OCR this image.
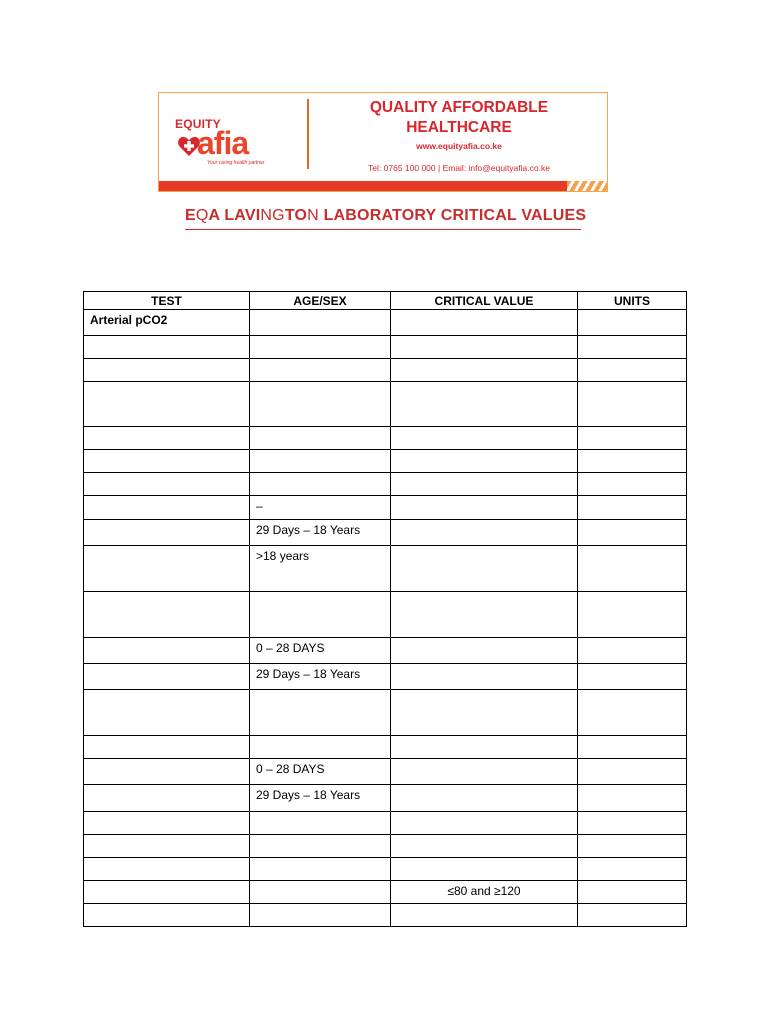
EQUITY
afia
Your caring health partner
QUALITY AFFORDABLE
HEALTHCARE
www.equityafia.co.ke
Tel: 0765 100 000 | Email: info@equityafia.co.ke
EQA LAVINGTON LABORATORY CRITICAL VALUES
TEST	AGE/SEX	CRITICAL VALUE	UNITS
Arterial pCO2			

	–		
	29 Days – 18 Years		
	>18 years		

	0 – 28 DAYS		
	29 Days – 18 Years		

	0 – 28 DAYS		
	29 Days – 18 Years		

		≤80 and ≥120	
